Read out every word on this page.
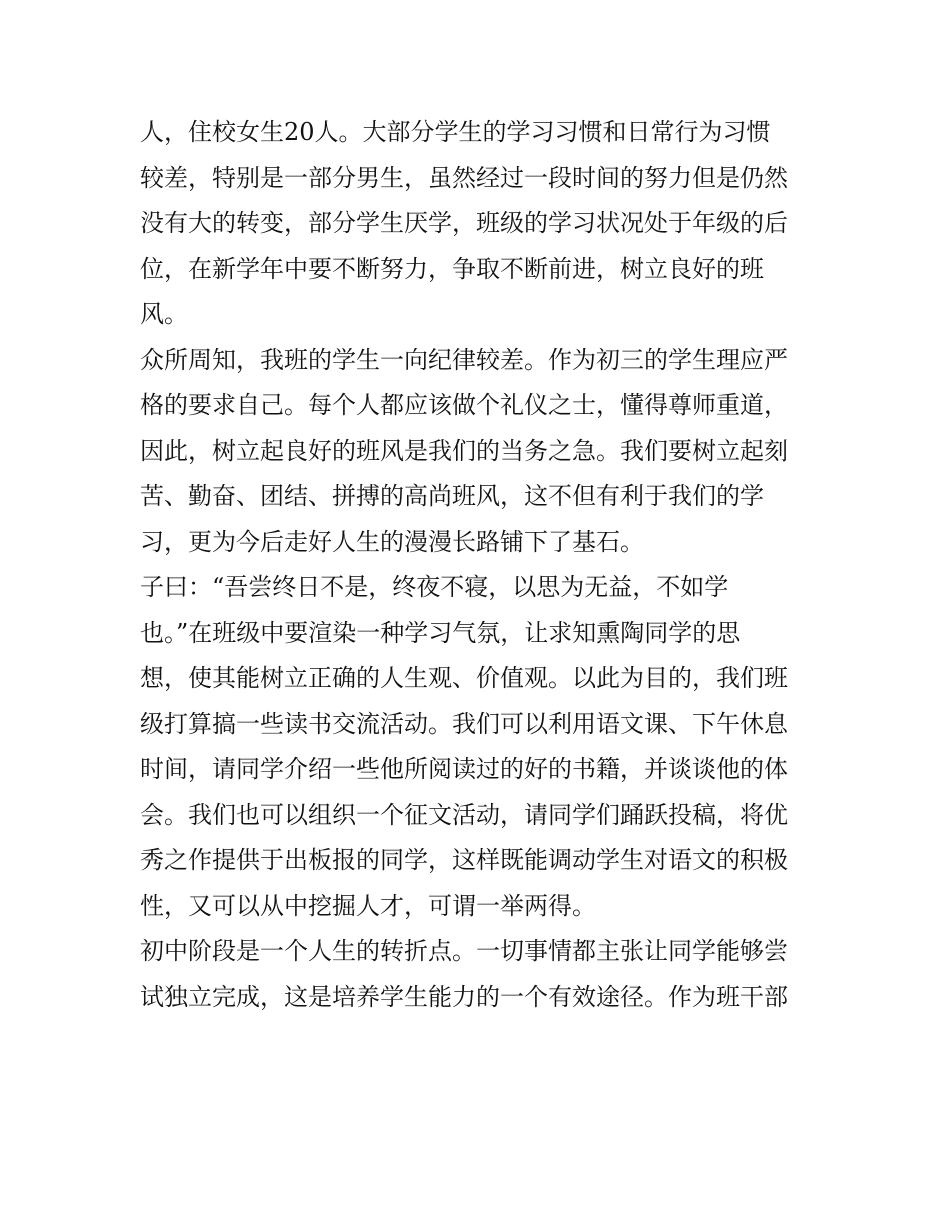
人，住校女生20人。大部分学生的学习习惯和日常行为习惯
较差，特别是一部分男生，虽然经过一段时间的努力但是仍然
没有大的转变，部分学生厌学，班级的学习状况处于年级的后
位，在新学年中要不断努力，争取不断前进，树立良好的班
风。
众所周知，我班的学生一向纪律较差。作为初三的学生理应严
格的要求自己。每个人都应该做个礼仪之士，懂得尊师重道，
因此，树立起良好的班风是我们的当务之急。我们要树立起刻
苦、勤奋、团结、拼搏的高尚班风，这不但有利于我们的学
习，更为今后走好人生的漫漫长路铺下了基石。
子曰：“吾尝终日不是，终夜不寝，以思为无益，不如学
也。”在班级中要渲染一种学习气氛，让求知熏陶同学的思
想，使其能树立正确的人生观、价值观。以此为目的，我们班
级打算搞一些读书交流活动。我们可以利用语文课、下午休息
时间，请同学介绍一些他所阅读过的好的书籍，并谈谈他的体
会。我们也可以组织一个征文活动，请同学们踊跃投稿，将优
秀之作提供于出板报的同学，这样既能调动学生对语文的积极
性，又可以从中挖掘人才，可谓一举两得。
初中阶段是一个人生的转折点。一切事情都主张让同学能够尝
试独立完成，这是培养学生能力的一个有效途径。作为班干部
